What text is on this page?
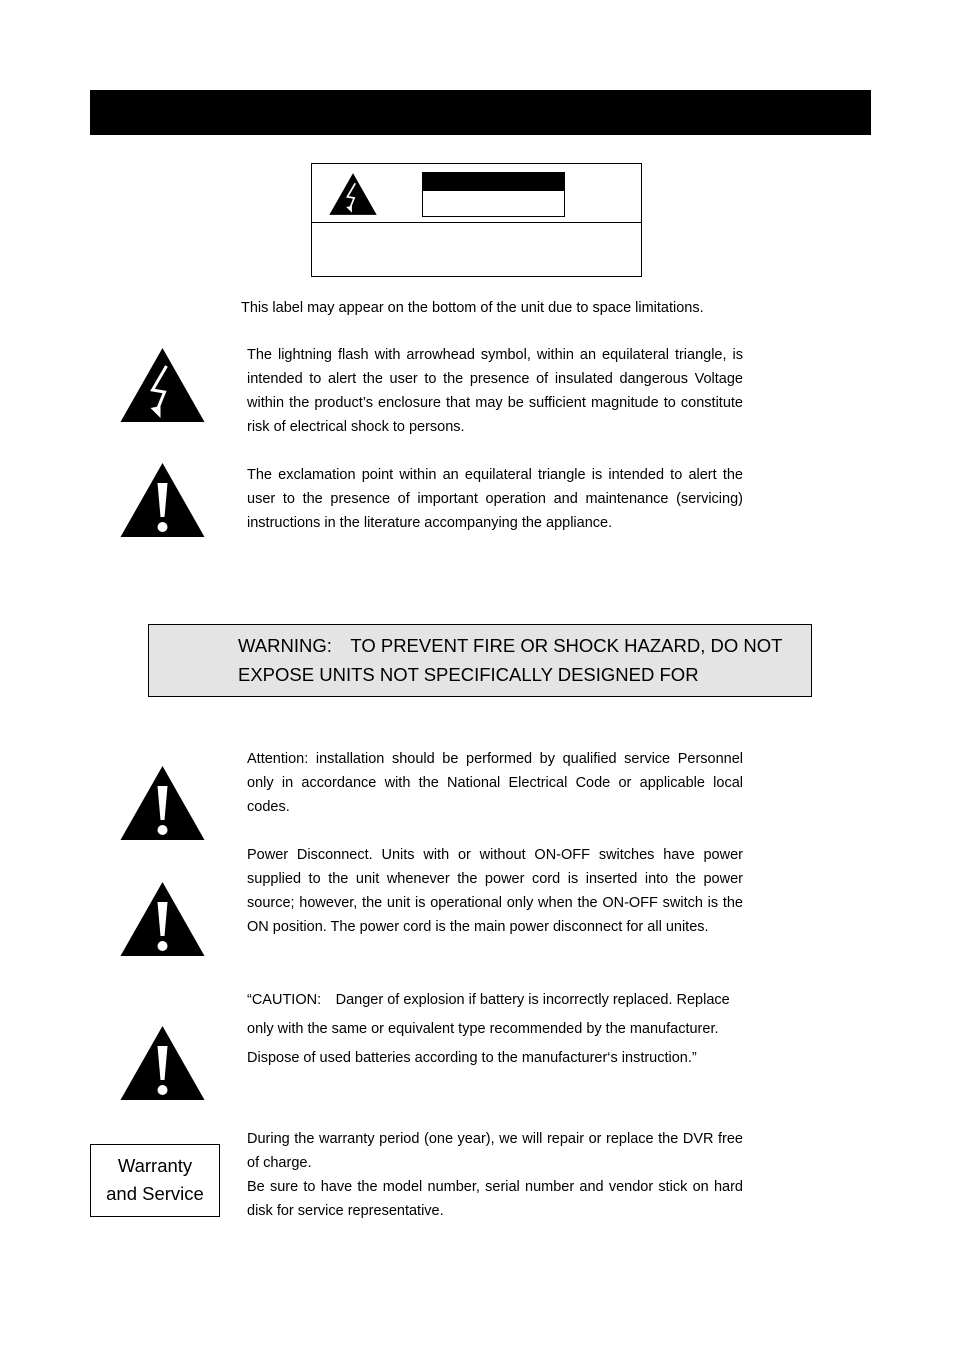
This label may appear on the bottom of the unit due to space limitations.
The lightning flash with arrowhead symbol, within an equilateral triangle, is intended to alert the user to the presence of insulated dangerous Voltage within the product’s enclosure that may be sufficient magnitude to constitute risk of electrical shock to persons.
The exclamation point within an equilateral triangle is intended to alert the user to the presence of important operation and maintenance (servicing) instructions in the literature accompanying the appliance.
WARNING:　TO PREVENT FIRE OR SHOCK HAZARD, DO NOT
EXPOSE UNITS NOT SPECIFICALLY DESIGNED FOR
Attention: installation should be performed by qualified service Personnel only in accordance with the National Electrical Code or applicable local codes.
Power Disconnect. Units with or without ON-OFF switches have power supplied to the unit whenever the power cord is inserted into the power source; however, the unit is operational only when the ON-OFF switch is the ON position. The power cord is the main power disconnect for all unites.
“CAUTION:　Danger of explosion if battery is incorrectly replaced. Replace only with the same or equivalent type recommended by the manufacturer. Dispose of used batteries according to the manufacturer‘s instruction.”
Warranty
and Service
During the warranty period (one year), we will repair or replace the DVR free of charge.
Be sure to have the model number, serial number and vendor stick on hard disk for service representative.
